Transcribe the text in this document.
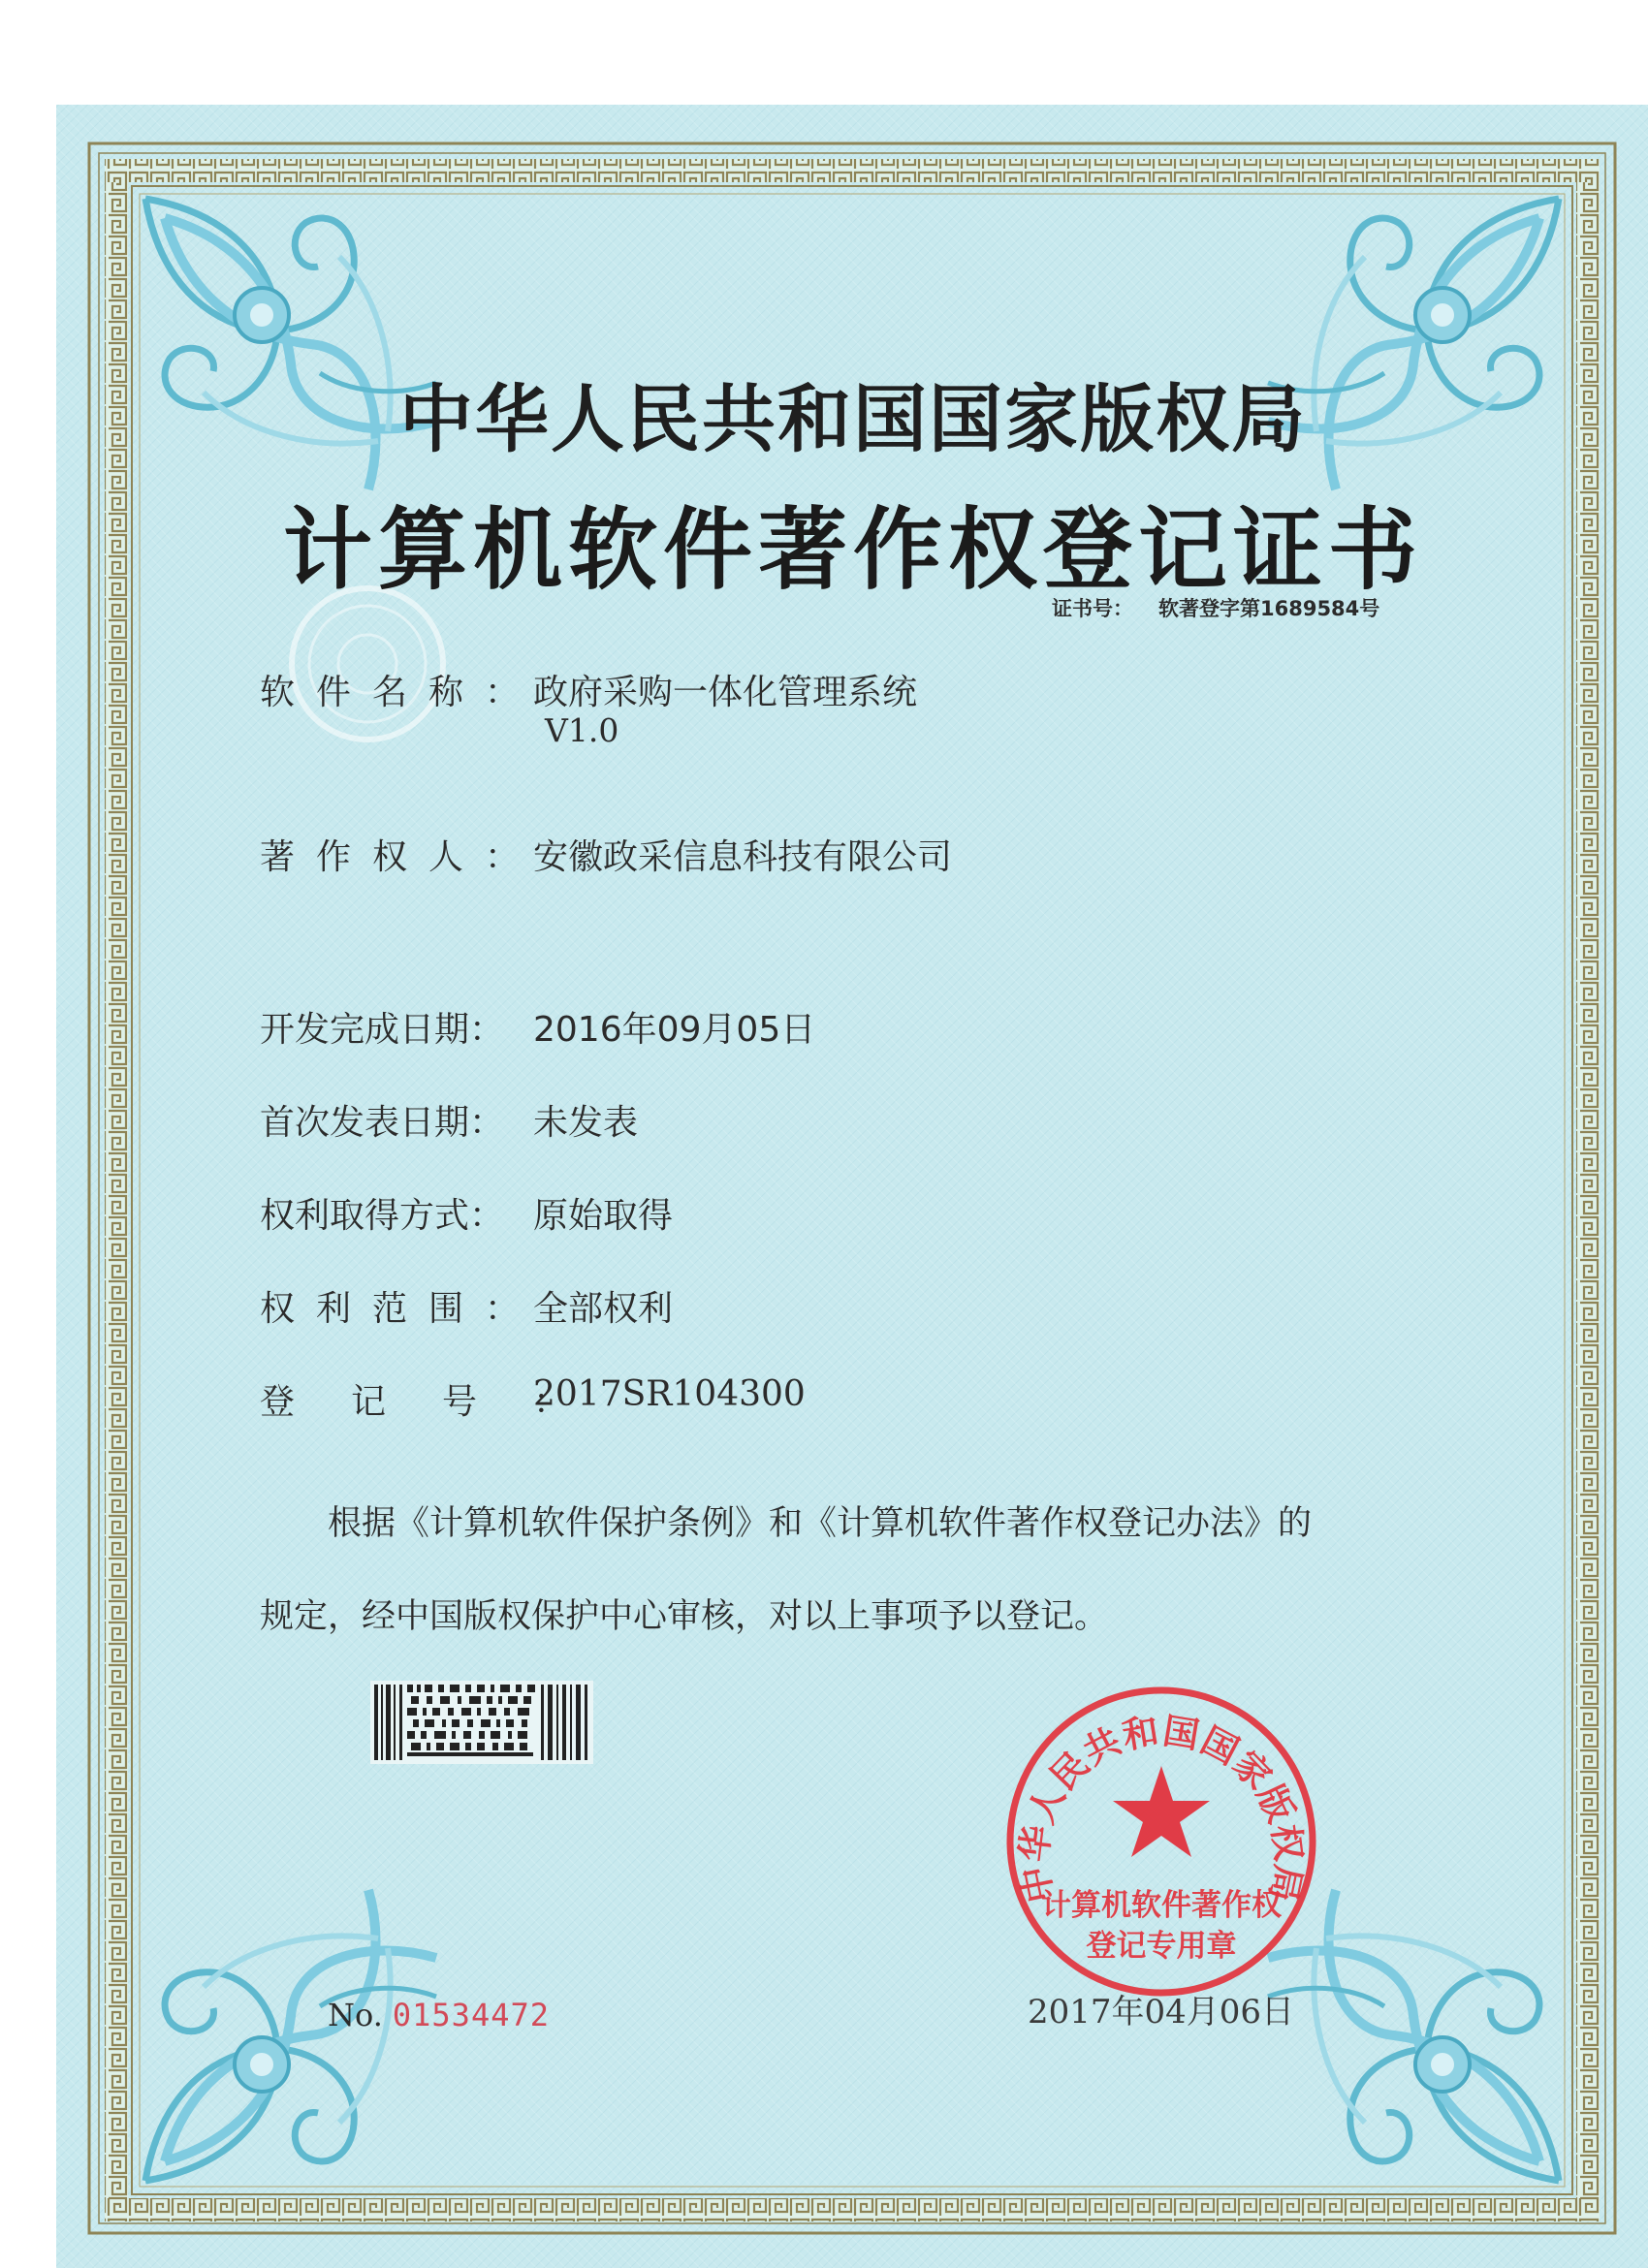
中华人民共和国国家版权局
计算机软件著作权登记证书
证书号： 软著登字第1689584号
软件名称：政府采购一体化管理系统
V1.0
著作权人：安徽政采信息科技有限公司
开发完成日期： 2016年09月05日
首次发表日期： 未发表
权利取得方式： 原始取得
权利范围：全部权利
登记号：2017SR104300
根据《计算机软件保护条例》和《计算机软件著作权登记办法》的
规定，经中国版权保护中心审核，对以上事项予以登记。
中华人民共和国国家版权局
计算机软件著作权
登记专用章
2017年04月06日
No. 01534472
